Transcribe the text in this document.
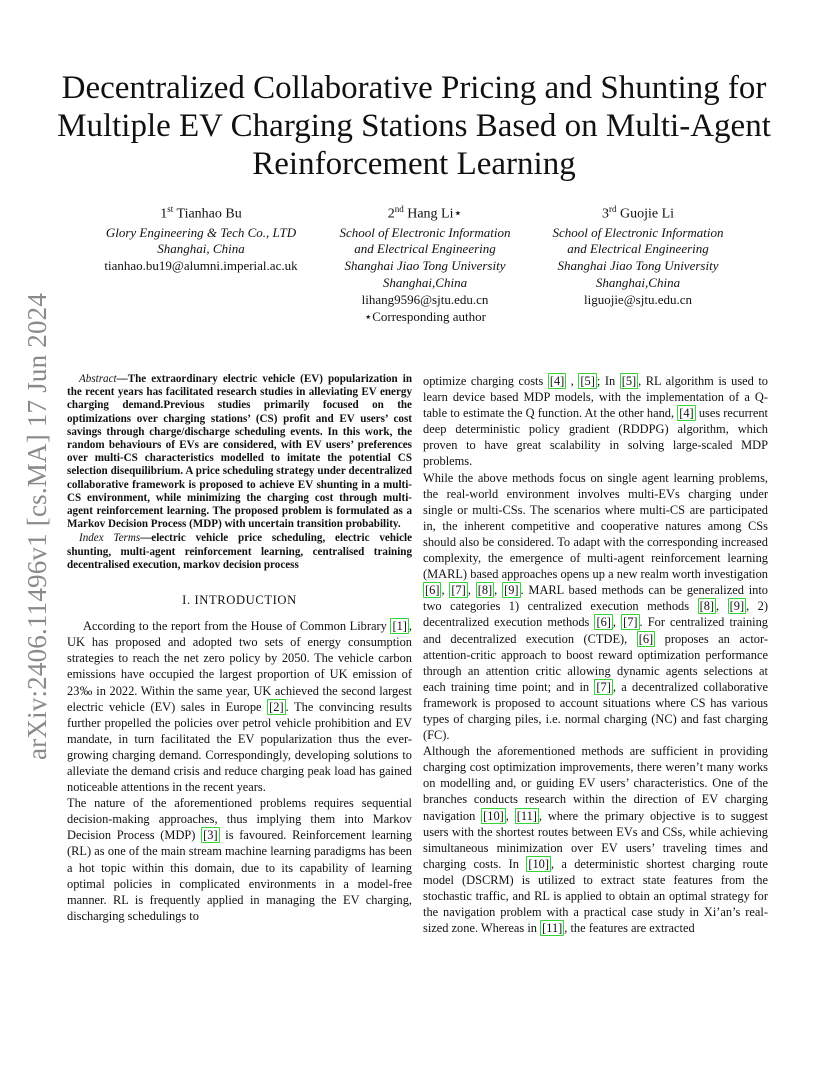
arXiv:2406.11496v1 [cs.MA] 17 Jun 2024
Decentralized Collaborative Pricing and Shunting for Multiple EV Charging Stations Based on Multi-Agent Reinforcement Learning
1st Tianhao Bu
Glory Engineering & Tech Co., LTD
Shanghai, China
tianhao.bu19@alumni.imperial.ac.uk
2nd Hang Li⋆
School of Electronic Information
and Electrical Engineering
Shanghai Jiao Tong University
Shanghai,China
lihang9596@sjtu.edu.cn
⋆Corresponding author
3rd Guojie Li
School of Electronic Information
and Electrical Engineering
Shanghai Jiao Tong University
Shanghai,China
liguojie@sjtu.edu.cn

Abstract—The extraordinary electric vehicle (EV) popularization in the recent years has facilitated research studies in alleviating EV energy charging demand.Previous studies primarily focused on the optimizations over charging stations’ (CS) profit and EV users’ cost savings through charge/discharge scheduling events. In this work, the random behaviours of EVs are considered, with EV users’ preferences over multi-CS characteristics modelled to imitate the potential CS selection disequilibrium. A price scheduling strategy under decentralized collaborative framework is proposed to achieve EV shunting in a multi-CS environment, while minimizing the charging cost through multi-agent reinforcement learning. The proposed problem is formulated as a Markov Decision Process (MDP) with uncertain transition probability.

Index Terms—electric vehicle price scheduling, electric vehicle shunting, multi-agent reinforcement learning, centralised training decentralised execution, markov decision process

I. INTRODUCTION

According to the report from the House of Common Library [1] , UK has proposed and adopted two sets of energy consumption strategies to reach the net zero policy by 2050. The vehicle carbon emissions have occupied the largest proportion of UK emission of 23‰ in 2022. Within the same year, UK achieved the second largest electric vehicle (EV) sales in Europe [2] . The convincing results further propelled the policies over petrol vehicle prohibition and EV mandate, in turn facilitated the EV popularization thus the ever-growing charging demand. Correspondingly, developing solutions to alleviate the demand crisis and reduce charging peak load has gained noticeable attentions in the recent years.

The nature of the aforementioned problems requires sequential decision-making approaches, thus implying them into Markov Decision Process (MDP) [3] is favoured. Reinforcement learning (RL) as one of the main stream machine learning paradigms has been a hot topic within this domain, due to its capability of learning optimal policies in complicated environments in a model-free manner. RL is frequently applied in managing the EV charging, discharging schedulings to

optimize charging costs [4] , [5] ; In [5] , RL algorithm is used to learn device based MDP models, with the implementation of a Q-table to estimate the Q function. At the other hand, [4] uses recurrent deep deterministic policy gradient (RDDPG) algorithm, which proven to have great scalability in solving large-scaled MDP problems.

While the above methods focus on single agent learning problems, the real-world environment involves multi-EVs charging under single or multi-CSs. The scenarios where multi-CS are participated in, the inherent competitive and cooperative natures among CSs should also be considered. To adapt with the corresponding increased complexity, the emergence of multi-agent reinforcement learning (MARL) based approaches opens up a new realm worth investigation [6] , [7] , [8] , [9] . MARL based methods can be generalized into two categories 1) centralized execution methods [8] , [9] , 2) decentralized execution methods [6] , [7] . For centralized training and decentralized execution (CTDE), [6] proposes an actor-attention-critic approach to boost reward optimization performance through an attention critic allowing dynamic agents selections at each training time point; and in [7] , a decentralized collaborative framework is proposed to account situations where CS has various types of charging piles, i.e. normal charging (NC) and fast charging (FC).

Although the aforementioned methods are sufficient in providing charging cost optimization improvements, there weren’t many works on modelling and, or guiding EV users’ characteristics. One of the branches conducts research within the direction of EV charging navigation [10] , [11] , where the primary objective is to suggest users with the shortest routes between EVs and CSs, while achieving simultaneous minimization over EV users’ traveling times and charging costs. In [10] , a deterministic shortest charging route model (DSCRM) is utilized to extract state features from the stochastic traffic, and RL is applied to obtain an optimal strategy for the navigation problem with a practical case study in Xi’an’s real-sized zone. Whereas in [11] , the features are extracted
